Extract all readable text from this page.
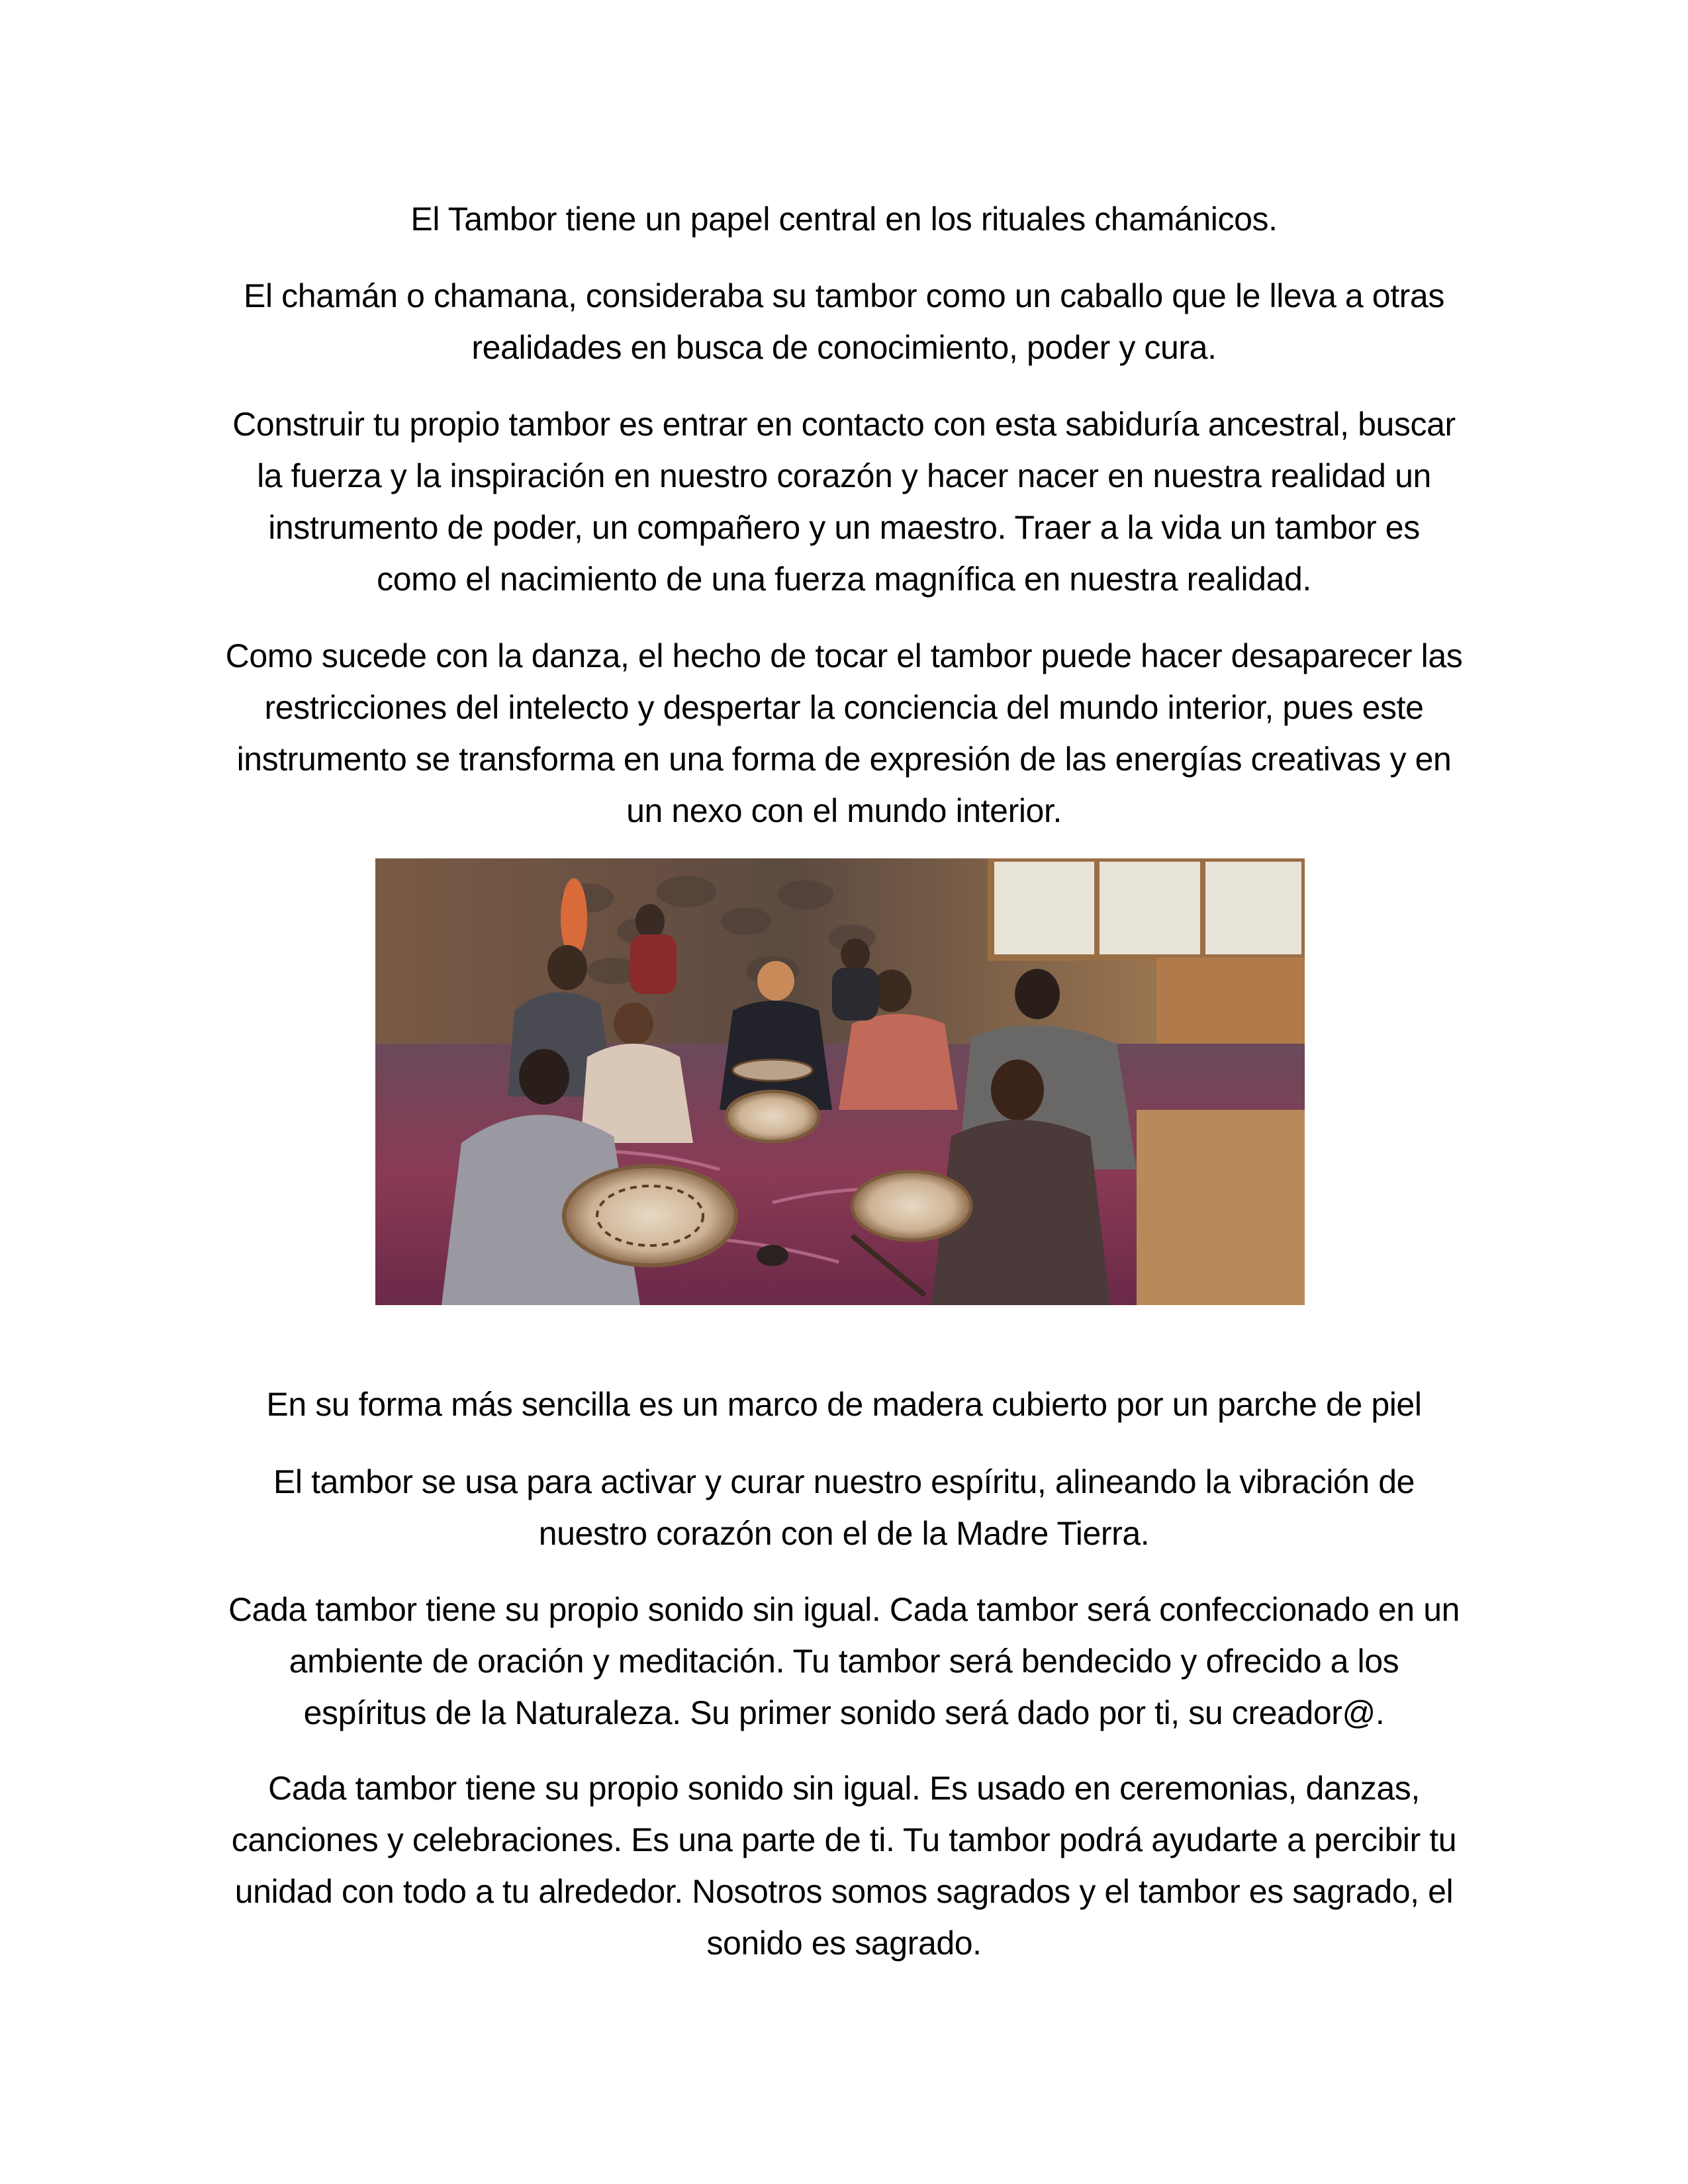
El Tambor tiene un papel central en los rituales chamánicos.

El chamán o chamana, consideraba su tambor como un caballo que le lleva a otras realidades en busca de conocimiento, poder y cura.

Construir tu propio tambor es entrar en contacto con esta sabiduría ancestral, buscar la fuerza y la inspiración en nuestro corazón y hacer nacer en nuestra realidad un instrumento de poder, un compañero y un maestro. Traer a la vida un tambor es como el nacimiento de una fuerza magnífica en nuestra realidad.

Como sucede con la danza, el hecho de tocar el tambor puede hacer desaparecer las restricciones del intelecto y despertar la conciencia del mundo interior, pues este instrumento se transforma en una forma de expresión de las energías creativas y en un nexo con el mundo interior.

En su forma más sencilla es un marco de madera cubierto por un parche de piel

El tambor se usa para activar y curar nuestro espíritu, alineando la vibración de nuestro corazón con el de la Madre Tierra.

Cada tambor tiene su propio sonido sin igual. Cada tambor será confeccionado en un ambiente de oración y meditación. Tu tambor será bendecido y ofrecido a los espíritus de la Naturaleza. Su primer sonido será dado por ti, su creador@.

Cada tambor tiene su propio sonido sin igual. Es usado en ceremonias, danzas, canciones y celebraciones. Es una parte de ti. Tu tambor podrá ayudarte a percibir tu unidad con todo a tu alrededor. Nosotros somos sagrados y el tambor es sagrado, el sonido es sagrado.
